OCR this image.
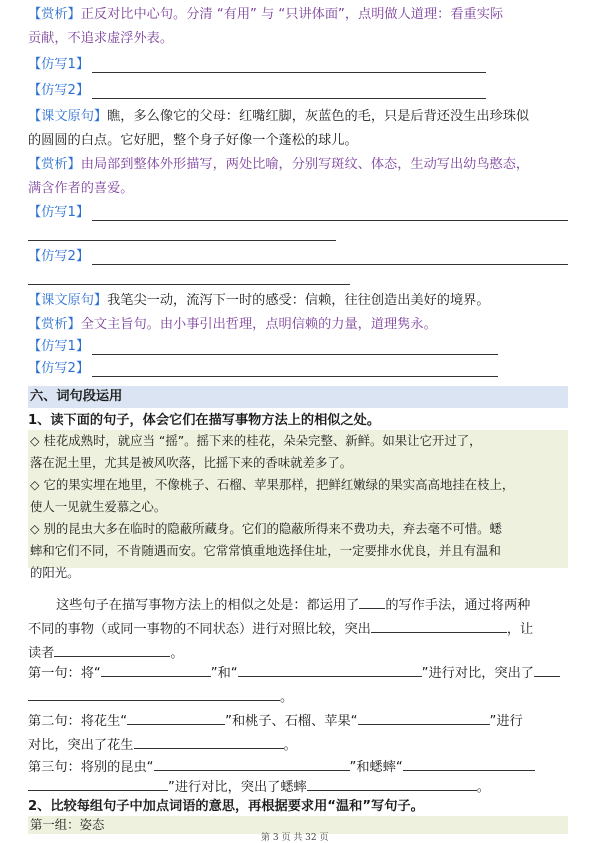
【赏析】正反对比中心句。分清 “有用” 与 “只讲体面”，点明做人道理：看重实际
贡献，不追求虚浮外表。
【仿写1】
【仿写2】
【课文原句】瞧，多么像它的父母：红嘴红脚，灰蓝色的毛，只是后背还没生出珍珠似
的圆圆的白点。它好肥，整个身子好像一个蓬松的球儿。
【赏析】由局部到整体外形描写，两处比喻，分别写斑纹、体态，生动写出幼鸟憨态，
满含作者的喜爱。
【仿写1】
【仿写2】
【课文原句】我笔尖一动，流泻下一时的感受：信赖，往往创造出美好的境界。
【赏析】全文主旨句。由小事引出哲理，点明信赖的力量，道理隽永。
【仿写1】
【仿写2】
六、词句段运用
1、读下面的句子，体会它们在描写事物方法上的相似之处。
◇ 桂花成熟时，就应当 “摇”。摇下来的桂花，朵朵完整、新鲜。如果让它开过了，
落在泥土里，尤其是被风吹落，比摇下来的香味就差多了。
◇ 它的果实埋在地里，不像桃子、石榴、苹果那样，把鲜红嫩绿的果实高高地挂在枝上，
使人一见就生爱慕之心。
◇ 别的昆虫大多在临时的隐蔽所藏身。它们的隐蔽所得来不费功夫，弃去毫不可惜。蟋
蟀和它们不同，不肯随遇而安。它常常慎重地选择住址，一定要排水优良，并且有温和
的阳光。
这些句子在描写事物方法上的相似之处是：都运用了 的写作手法，通过将两种
不同的事物（或同一事物的不同状态）进行对照比较，突出	，让
读者	。
第一句：将“	”和“	”进行对比，突出了
。
第二句：将花生“	”和桃子、石榴、苹果“	”进行
对比，突出了花生	。
第三句：将别的昆虫“	”和蟋蟀“
”进行对比，突出了蟋蟀	。
2、比较每组句子中加点词语的意思，再根据要求用“温和”写句子。
第一组：姿态
第 3 页 共 32 页
